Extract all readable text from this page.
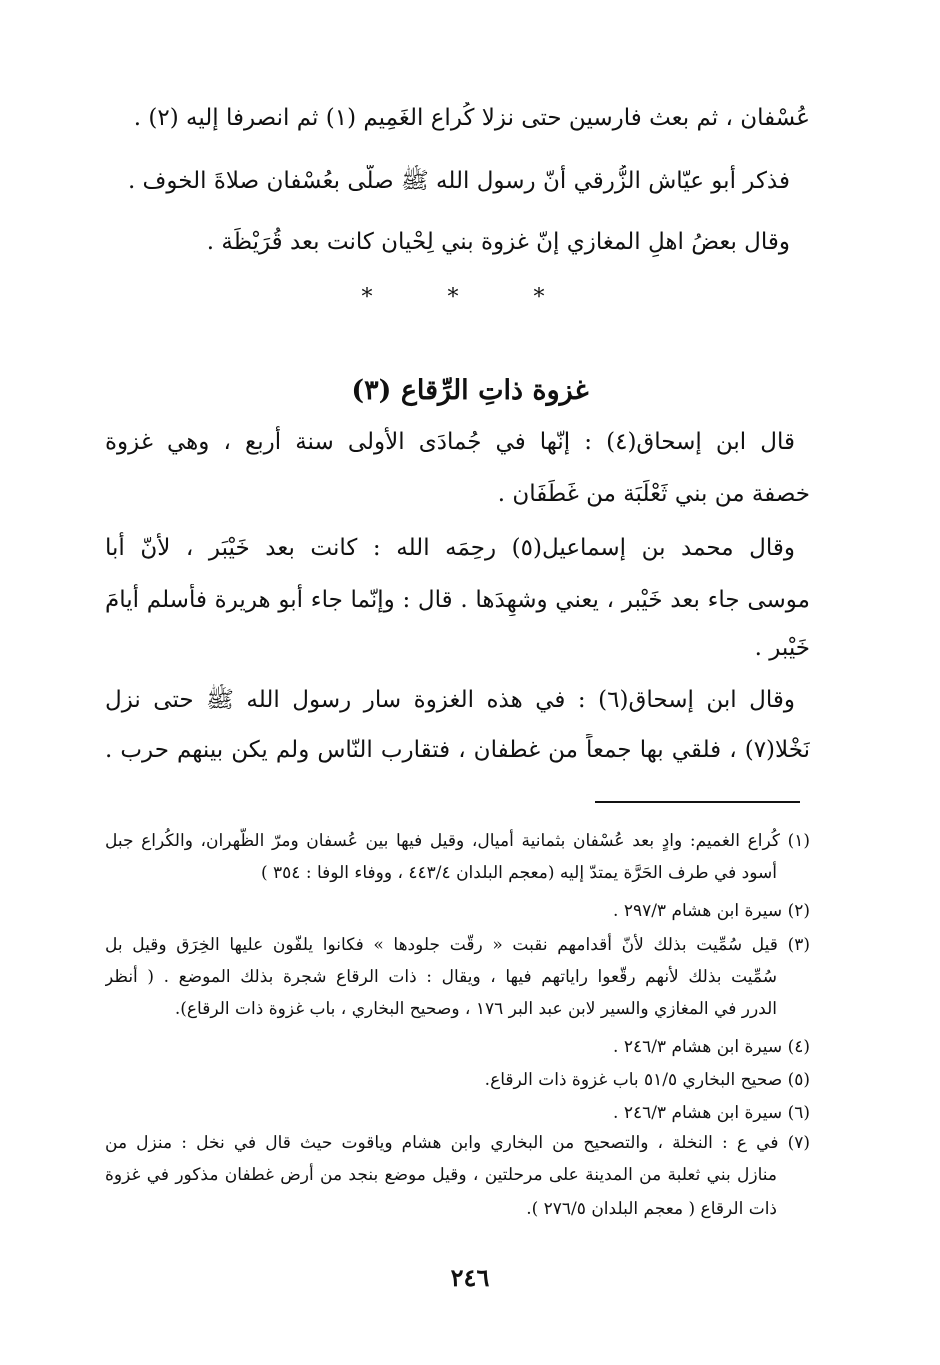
عُسْفان ، ثم بعث فارسين حتى نزلا كُراع الغَمِيم (١) ثم انصرفا إليه (٢) .
فذكر أبو عيّاش الزُّرقي أنّ رسول الله ﷺ صلّى بعُسْفان صلاةَ الخوف .
وقال بعضُ اهلِ المغازي إنّ غزوة بني لِحْيان كانت بعد قُرَيْظَة .
* * *
غزوة ذاتِ الرِّقاع (٣)
قال ابن إسحاق(٤) : إنّها في جُمادَى الأولى سنة أربع ، وهي غزوة
خصفة من بني ثَعْلَبَة من غَطَفَان .
وقال محمد بن إسماعيل(٥) رحِمَه الله : كانت بعد خَيْبَر ، لأنّ أبا
موسى جاء بعد خَيْبر ، يعني وشهِدَها . قال : وإنّما جاء أبو هريرة فأسلم أيامَ
خَيْبر .
وقال ابن إسحاق(٦) : في هذه الغزوة سار رسول الله ﷺ حتى نزل
نَخْلا(٧) ، فلقي بها جمعاً من غطفان ، فتقارب النّاس ولم يكن بينهم حرب .
(١) كُراع الغميم: وادٍ بعد عُسْفان بثمانية أميال، وقيل فيها بين عُسفان ومرّ الظّهران، والكُراع جبل
أسود في طرف الحَرَّة يمتدّ إليه (معجم البلدان ٤٤٣/٤ ، ووفاء الوفا : ٣٥٤ )
(٢) سيرة ابن هشام ٢٩٧/٣ .
(٣) قيل سُمِّيت بذلك لأنّ أقدامهم نقبت « رقّت جلودها » فكانوا يلفّون عليها الخِرَق وقيل بل
سُمِّيت بذلك لأنهم رقّعوا راياتهم فيها ، ويقال : ذات الرقاع شجرة بذلك الموضع . ( أنظر
الدرر في المغازي والسير لابن عبد البر ١٧٦ ، وصحيح البخاري ، باب غزوة ذات الرقاع).
(٤) سيرة ابن هشام ٢٤٦/٣ .
(٥) صحيح البخاري ٥١/٥ باب غزوة ذات الرقاع.
(٦) سيرة ابن هشام ٢٤٦/٣ .
(٧) في ع : النخلة ، والتصحيح من البخاري وابن هشام وياقوت حيث قال في نخل : منزل من
منازل بني ثعلبة من المدينة على مرحلتين ، وقيل موضع بنجد من أرض غطفان مذكور في غزوة
ذات الرقاع ( معجم البلدان ٢٧٦/٥ ).
٢٤٦
